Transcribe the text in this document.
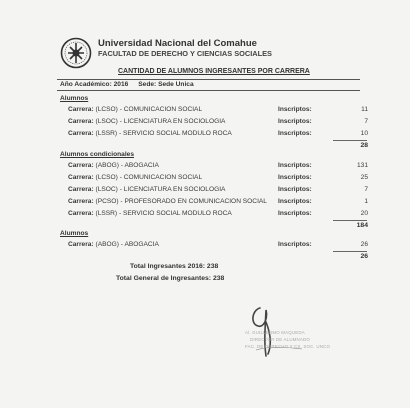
Universidad Nacional del Comahue
FACULTAD DE DERECHO Y CIENCIAS SOCIALES
CANTIDAD DE ALUMNOS INGRESANTES POR CARRERA
Año Académico: 2016 Sede: Sede Unica
Alumnos
Carrera: (LCSO) - COMUNICACION SOCIAL	Inscriptos:	11
Carrera: (LSOC) - LICENCIATURA EN SOCIOLOGIA	Inscriptos:	7
Carrera: (LSSR) - SERVICIO SOCIAL MODULO ROCA	Inscriptos:	10
28
Alumnos condicionales
Carrera: (ABOG) - ABOGACIA	Inscriptos:	131
Carrera: (LCSO) - COMUNICACION SOCIAL	Inscriptos:	25
Carrera: (LSOC) - LICENCIATURA EN SOCIOLOGIA	Inscriptos:	7
Carrera: (PCSO) - PROFESORADO EN COMUNICACION SOCIAL Inscriptos:	1
Carrera: (LSSR) - SERVICIO SOCIAL MODULO ROCA	Inscriptos:	20
184
Alumnos
Carrera: (ABOG) - ABOGACIA	Inscriptos:	26
26
Total Ingresantes 2016: 238
Total General de Ingresantes: 238
Al. GUILLERMO MAQUEDA
DIRECTOR DE ALUMNADO
FAC. DE DERECHO Y CS. SOC. UNCO
